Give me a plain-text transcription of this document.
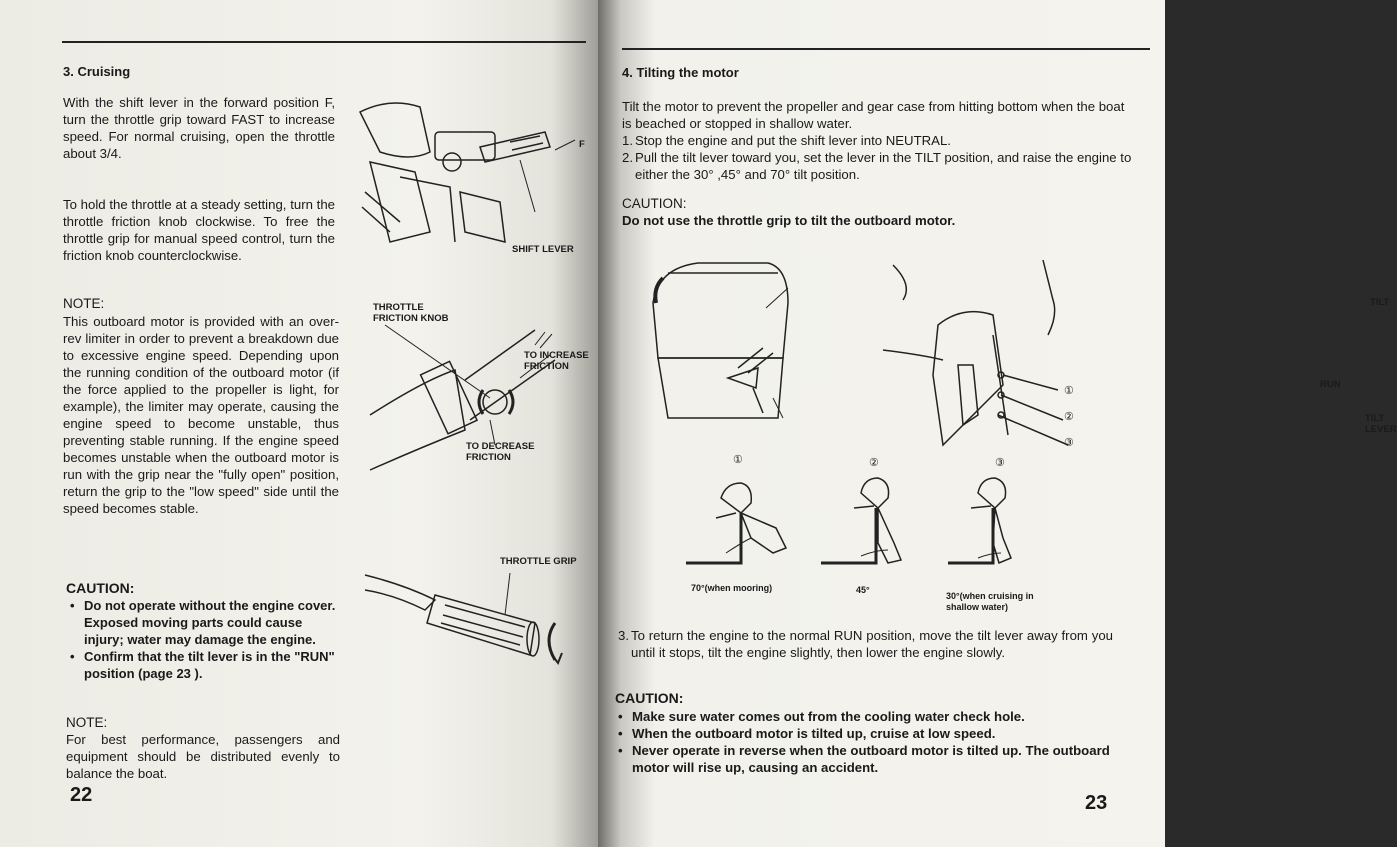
3. Cruising
With the shift lever in the forward position F, turn the throttle grip toward FAST to increase speed. For normal cruising, open the throttle about 3/4.
To hold the throttle at a steady setting, turn the throttle friction knob clockwise. To free the throttle grip for manual speed control, turn the friction knob counterclockwise.
NOTE:
This outboard motor is provided with an over-rev limiter in order to prevent a breakdown due to excessive engine speed. Depending upon the running condition of the outboard motor (if the force applied to the propeller is light, for example), the limiter may operate, causing the engine speed to become unstable, thus preventing stable running. If the engine speed becomes unstable when the outboard motor is run with the grip near the "fully open" position, return the grip to the "low speed" side until the speed becomes stable.
CAUTION:
• Do not operate without the engine cover. Exposed moving parts could cause injury; water may damage the engine.
• Confirm that the tilt lever is in the "RUN" position (page 23 ).
NOTE:
For best performance, passengers and equipment should be distributed evenly to balance the boat.
22
F
SHIFT LEVER
THROTTLE FRICTION KNOB
TO INCREASE FRICTION
TO DECREASE FRICTION
THROTTLE GRIP
4. Tilting the motor
Tilt the motor to prevent the propeller and gear case from hitting bottom when the boat is beached or stopped in shallow water.
1. Stop the engine and put the shift lever into NEUTRAL.
2. Pull the tilt lever toward you, set the lever in the TILT position, and raise the engine to either the 30° ,45° and 70° tilt position.
CAUTION:
Do not use the throttle grip to tilt the outboard motor.
TILT
RUN
TILT LEVER
①
②
③
①	②	③
70°(when mooring)	45°
30°(when cruising in shallow water)
3. To return the engine to the normal RUN position, move the tilt lever away from you until it stops, tilt the engine slightly, then lower the engine slowly.
CAUTION:
• Make sure water comes out from the cooling water check hole.
• When the outboard motor is tilted up, cruise at low speed.
• Never operate in reverse when the outboard motor is tilted up. The outboard motor will rise up, causing an accident.
23
